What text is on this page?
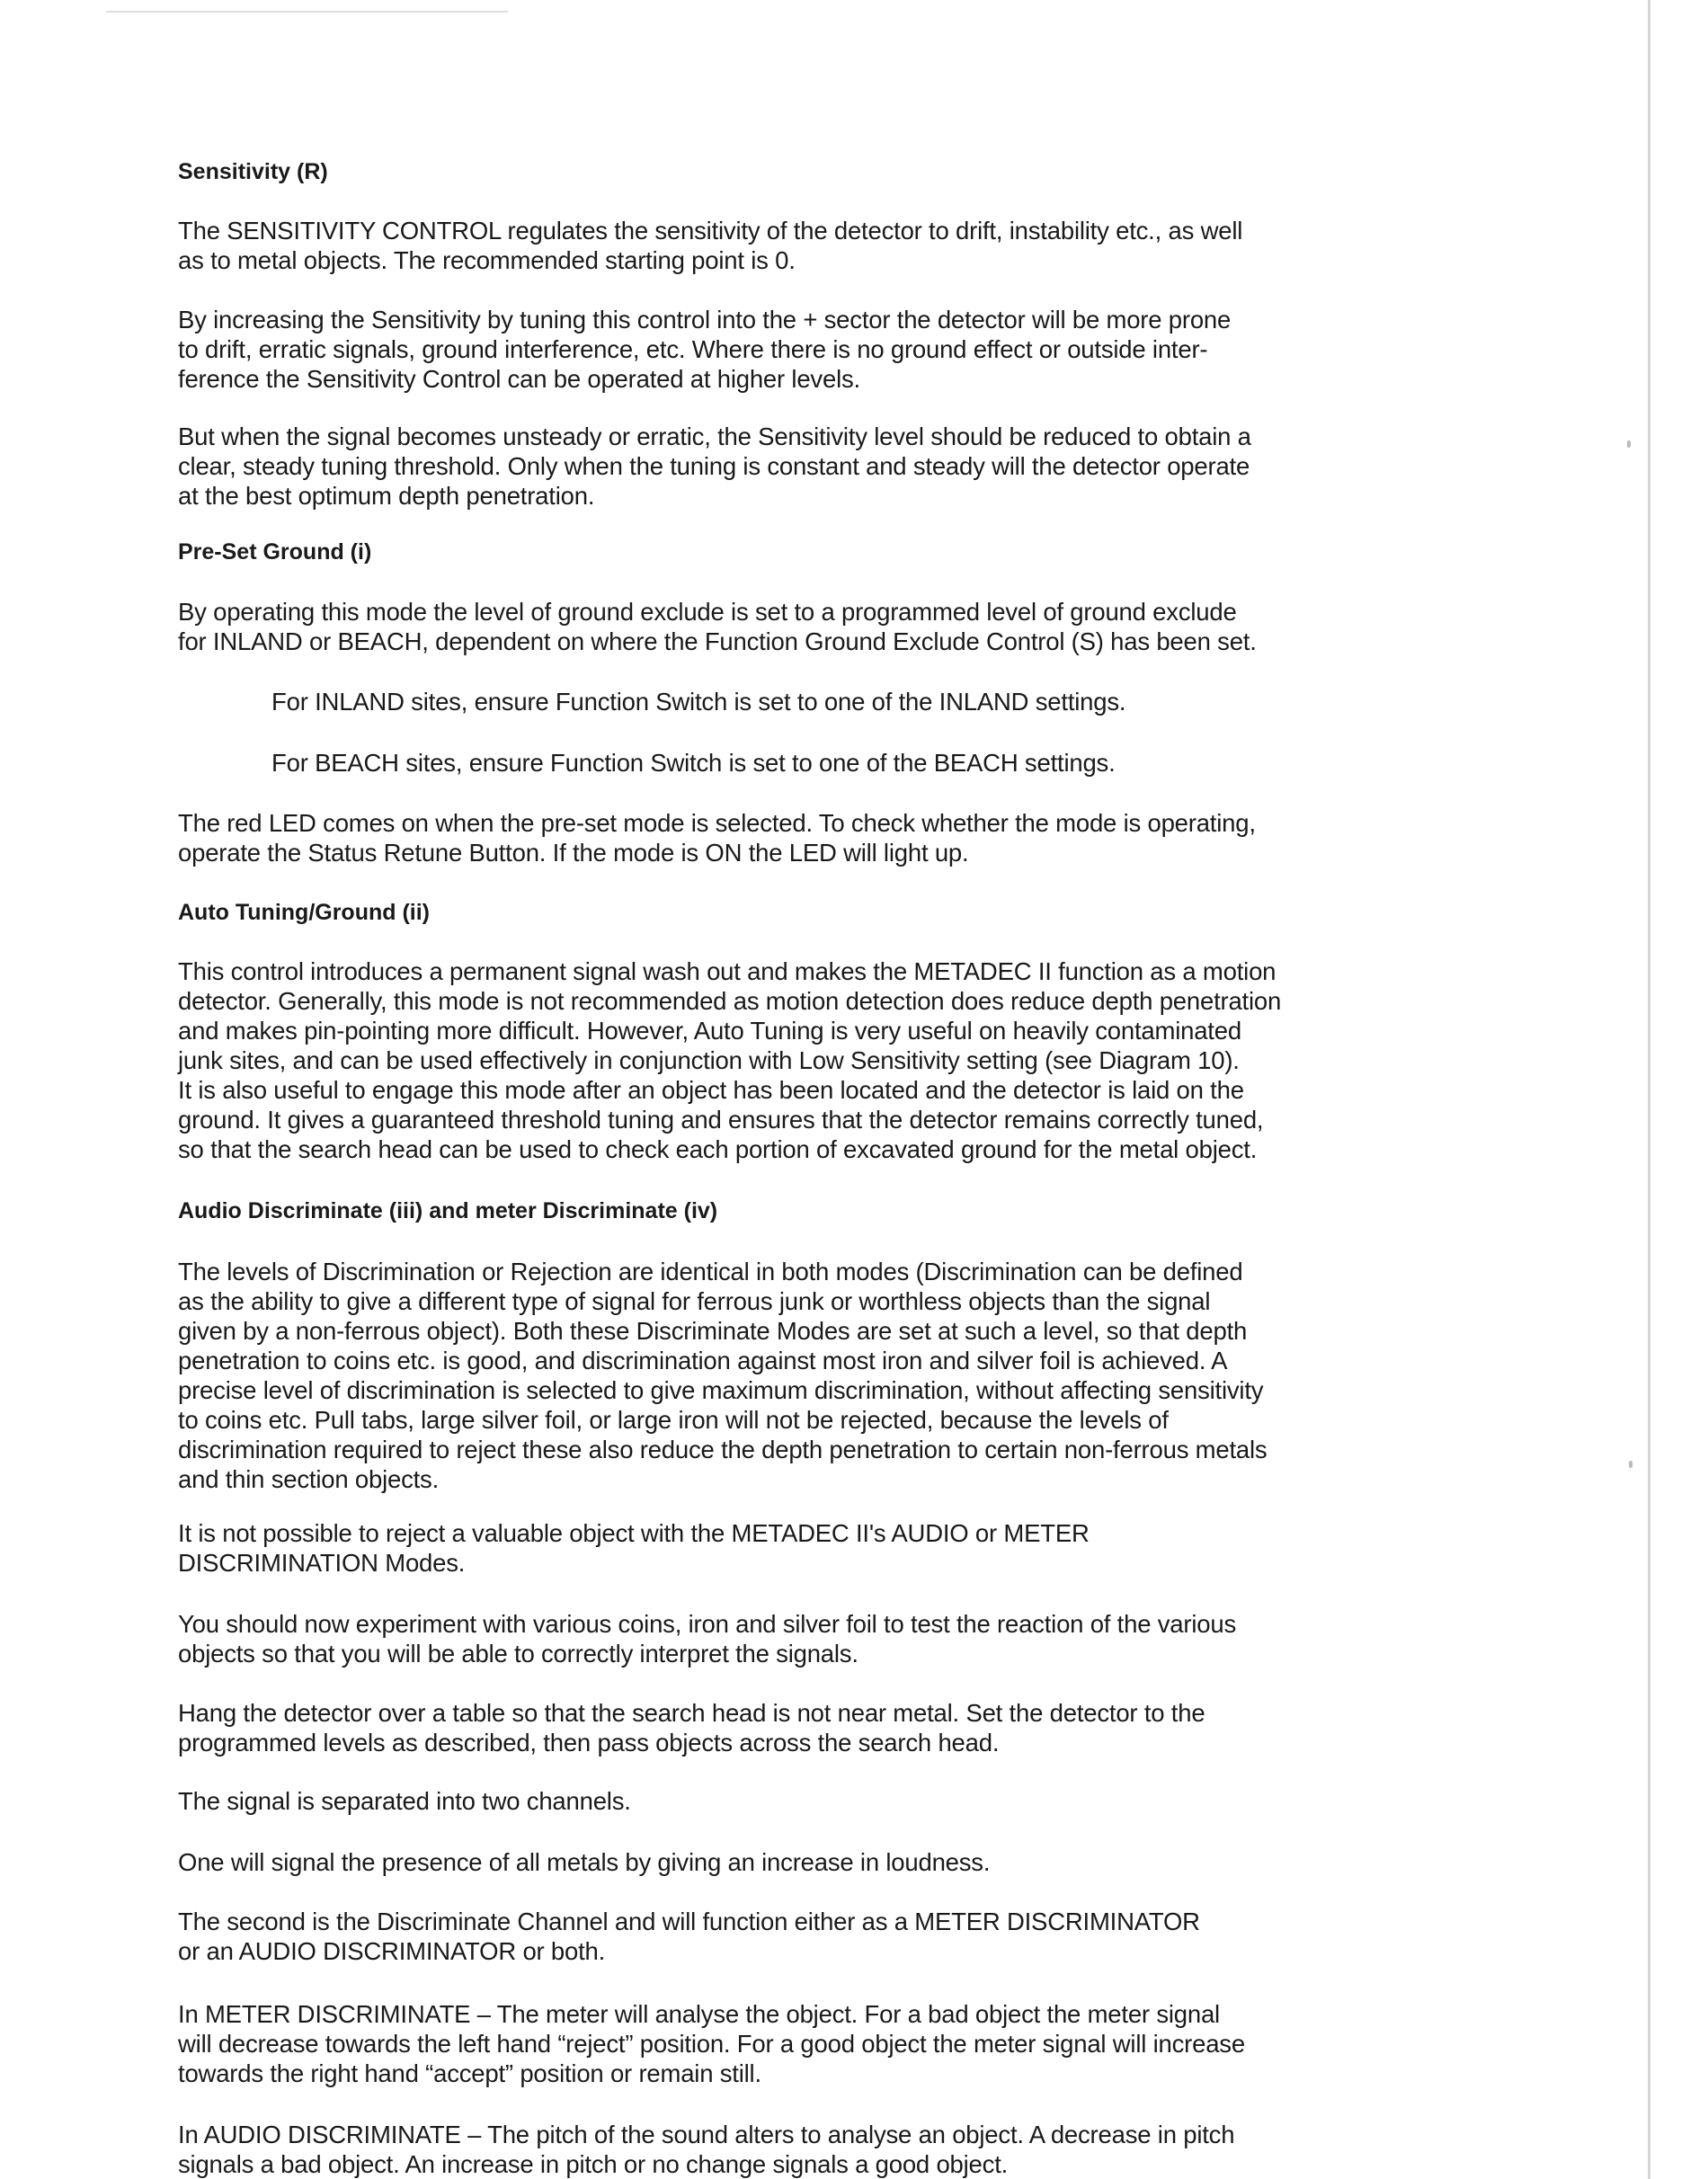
Sensitivity (R)
The SENSITIVITY CONTROL regulates the sensitivity of the detector to drift, instability etc., as well
as to metal objects. The recommended starting point is 0.
By increasing the Sensitivity by tuning this control into the + sector the detector will be more prone
to drift, erratic signals, ground interference, etc. Where there is no ground effect or outside inter-
ference the Sensitivity Control can be operated at higher levels.
But when the signal becomes unsteady or erratic, the Sensitivity level should be reduced to obtain a
clear, steady tuning threshold. Only when the tuning is constant and steady will the detector operate
at the best optimum depth penetration.
Pre-Set Ground (i)
By operating this mode the level of ground exclude is set to a programmed level of ground exclude
for INLAND or BEACH, dependent on where the Function Ground Exclude Control (S) has been set.
For INLAND sites, ensure Function Switch is set to one of the INLAND settings.
For BEACH sites, ensure Function Switch is set to one of the BEACH settings.
The red LED comes on when the pre-set mode is selected. To check whether the mode is operating,
operate the Status Retune Button. If the mode is ON the LED will light up.
Auto Tuning/Ground (ii)
This control introduces a permanent signal wash out and makes the METADEC II function as a motion
detector. Generally, this mode is not recommended as motion detection does reduce depth penetration
and makes pin-pointing more difficult. However, Auto Tuning is very useful on heavily contaminated
junk sites, and can be used effectively in conjunction with Low Sensitivity setting (see Diagram 10).
It is also useful to engage this mode after an object has been located and the detector is laid on the
ground. It gives a guaranteed threshold tuning and ensures that the detector remains correctly tuned,
so that the search head can be used to check each portion of excavated ground for the metal object.
Audio Discriminate (iii) and meter Discriminate (iv)
The levels of Discrimination or Rejection are identical in both modes (Discrimination can be defined
as the ability to give a different type of signal for ferrous junk or worthless objects than the signal
given by a non-ferrous object). Both these Discriminate Modes are set at such a level, so that depth
penetration to coins etc. is good, and discrimination against most iron and silver foil is achieved. A
precise level of discrimination is selected to give maximum discrimination, without affecting sensitivity
to coins etc. Pull tabs, large silver foil, or large iron will not be rejected, because the levels of
discrimination required to reject these also reduce the depth penetration to certain non-ferrous metals
and thin section objects.
It is not possible to reject a valuable object with the METADEC II's AUDIO or METER
DISCRIMINATION Modes.
You should now experiment with various coins, iron and silver foil to test the reaction of the various
objects so that you will be able to correctly interpret the signals.
Hang the detector over a table so that the search head is not near metal. Set the detector to the
programmed levels as described, then pass objects across the search head.
The signal is separated into two channels.
One will signal the presence of all metals by giving an increase in loudness.
The second is the Discriminate Channel and will function either as a METER DISCRIMINATOR
or an AUDIO DISCRIMINATOR or both.
In METER DISCRIMINATE – The meter will analyse the object. For a bad object the meter signal
will decrease towards the left hand “reject” position. For a good object the meter signal will increase
towards the right hand “accept” position or remain still.
In AUDIO DISCRIMINATE – The pitch of the sound alters to analyse an object. A decrease in pitch
signals a bad object. An increase in pitch or no change signals a good object.
